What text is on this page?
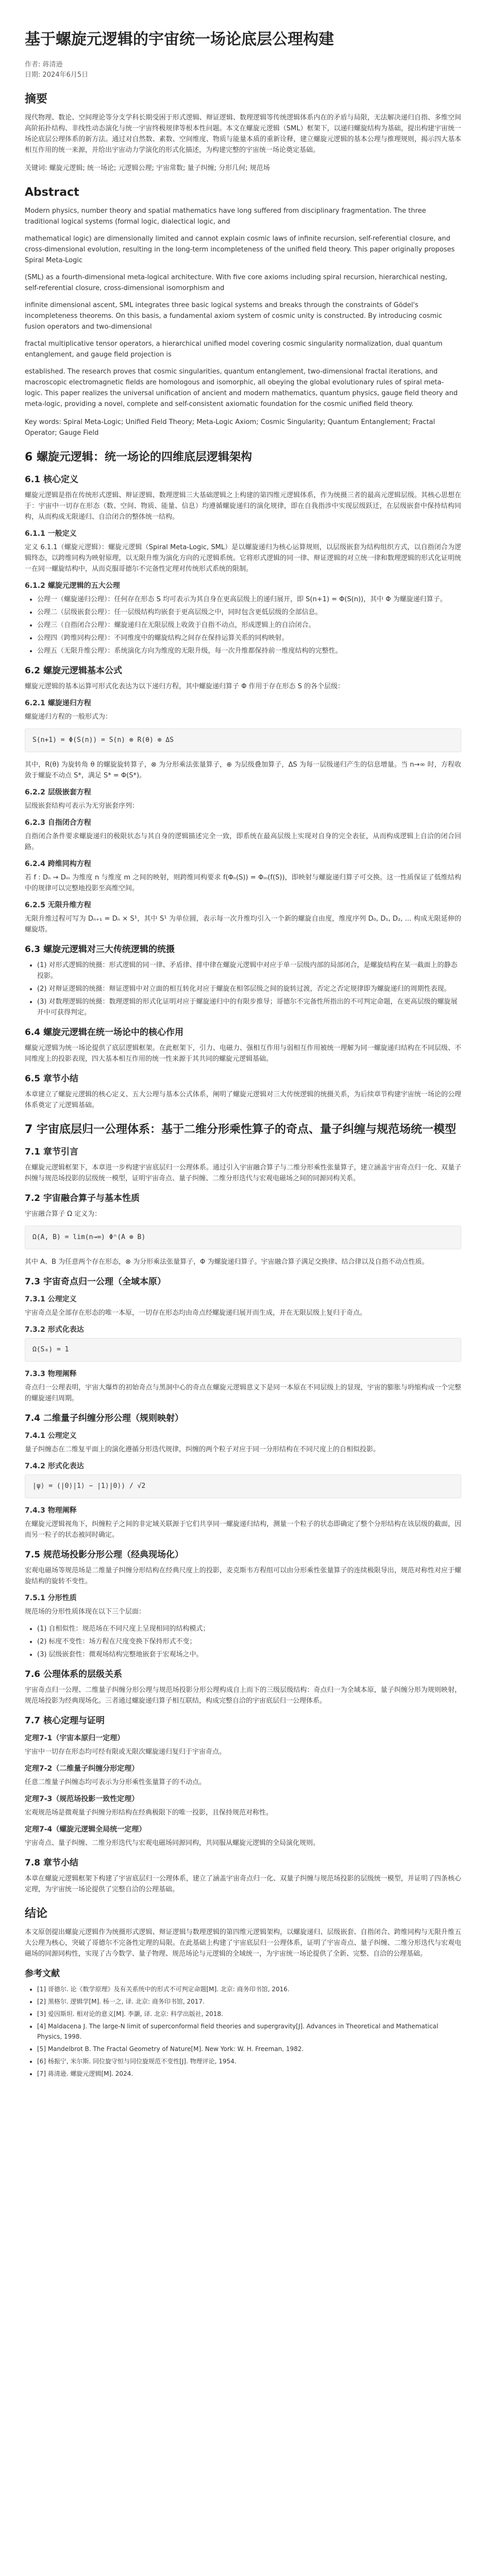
基于螺旋元逻辑的宇宙统一场论底层公理构建
作者: 蒋清逊
日期: 2024年6月5日
摘要

现代物理、数论、空间理论等分支学科长期受困于形式逻辑、辩证逻辑、数理逻辑等传统逻辑体系内在的矛盾与局限，无法解决递归自指、多维空间高阶拓扑结构、非线性动态演化与统一宇宙终极规律等根本性问题。本文在螺旋元逻辑（SML）框架下，以递归螺旋结构为基础，提出构建宇宙统一场论底层公理体系的新方法。通过对自然数、素数、空间维度、物质与能量本质的重新诠释，建立螺旋元逻辑的基本公理与推理规则，揭示四大基本相互作用的统一来源，并给出宇宙动力学演化的形式化描述，为构建完整的宇宙统一场论奠定基础。

关键词: 螺旋元逻辑; 统一场论; 元逻辑公理; 宇宙常数; 量子纠缠; 分形几何; 规范场

Abstract

Modern physics, number theory and spatial mathematics have long suffered from disciplinary fragmentation. The three traditional logical systems (formal logic, dialectical logic, and

mathematical logic) are dimensionally limited and cannot explain cosmic laws of infinite recursion, self-referential closure, and cross-dimensional evolution, resulting in the long-term incompleteness of the unified field theory. This paper originally proposes Spiral Meta-Logic

(SML) as a fourth-dimensional meta-logical architecture. With five core axioms including spiral recursion, hierarchical nesting, self-referential closure, cross-dimensional isomorphism and

infinite dimensional ascent, SML integrates three basic logical systems and breaks through the constraints of Gödel's incompleteness theorems. On this basis, a fundamental axiom system of cosmic unity is constructed. By introducing cosmic fusion operators and two-dimensional

fractal multiplicative tensor operators, a hierarchical unified model covering cosmic singularity normalization, dual quantum entanglement, and gauge field projection is

established. The research proves that cosmic singularities, quantum entanglement, two-dimensional fractal iterations, and macroscopic electromagnetic fields are homologous and isomorphic, all obeying the global evolutionary rules of spiral meta-logic. This paper realizes the universal unification of ancient and modern mathematics, quantum physics, gauge field theory and meta-logic, providing a novel, complete and self-consistent axiomatic foundation for the cosmic unified field theory.

Key words: Spiral Meta-Logic; Unified Field Theory; Meta-Logic Axiom; Cosmic Singularity; Quantum Entanglement; Fractal Operator; Gauge Field

6 螺旋元逻辑：统一场论的四维底层逻辑架构
6.1 核心定义

螺旋元逻辑是指在传统形式逻辑、辩证逻辑、数理逻辑三大基础逻辑之上构建的第四维元逻辑体系，作为统摄三者的最高元逻辑层级。其核心思想在于：宇宙中一切存在形态（数、空间、物质、能量、信息）均遵循螺旋递归的演化规律，即在自我指涉中实现层级跃迁，在层级嵌套中保持结构同构，从而构成无限递归、自洽闭合的整体统一结构。

6.1.1 一般定义

定义 6.1.1（螺旋元逻辑）：螺旋元逻辑（Spiral Meta-Logic, SML）是以螺旋递归为核心运算规则，以层级嵌套为结构组织方式，以自指闭合为逻辑终态，以跨维同构为映射原理，以无限升维为演化方向的元逻辑系统。它将形式逻辑的同一律、辩证逻辑的对立统一律和数理逻辑的形式化证明统一在同一螺旋结构中，从而克服哥德尔不完备性定理对传统形式系统的限制。

6.1.2 螺旋元逻辑的五大公理
• 公理一（螺旋递归公理）：任何存在形态 S 均可表示为其自身在更高层级上的递归展开，即 S(n+1) = Φ(S(n))，其中 Φ 为螺旋递归算子。
• 公理二（层级嵌套公理）：任一层级结构均嵌套于更高层级之中，同时包含更低层级的全部信息。
• 公理三（自指闭合公理）：螺旋递归在无限层级上收敛于自指不动点，形成逻辑上的自洽闭合。
• 公理四（跨维同构公理）：不同维度中的螺旋结构之间存在保持运算关系的同构映射。
• 公理五（无限升维公理）：系统演化方向为维度的无限升级，每一次升维都保持前一维度结构的完整性。
6.2 螺旋元逻辑基本公式

螺旋元逻辑的基本运算可形式化表达为以下递归方程，其中螺旋递归算子 Φ 作用于存在形态 S 的各个层级：

6.2.1 螺旋递归方程

螺旋递归方程的一般形式为：

S(n+1) = Φ(S(n)) = S(n) ⊗ R(θ) ⊕ ΔS

其中，R(θ) 为旋转角 θ 的螺旋旋转算子，⊗ 为分形乘法张量算子，⊕ 为层级叠加算子，ΔS 为每一层级递归产生的信息增量。当 n→∞ 时，方程收敛于螺旋不动点 S*，满足 S* = Φ(S*)。

6.2.2 层级嵌套方程

层级嵌套结构可表示为无穷嵌套序列：

6.2.3 自指闭合方程

自指闭合条件要求螺旋递归的极限状态与其自身的逻辑描述完全一致，即系统在最高层级上实现对自身的完全表征，从而构成逻辑上自洽的闭合回路。

6.2.4 跨维同构方程

若 f : Dₙ → Dₘ 为维度 n 与维度 m 之间的映射，则跨维同构要求 f(Φₙ(S)) = Φₘ(f(S))，即映射与螺旋递归算子可交换。这一性质保证了低维结构中的规律可以完整地投影至高维空间。

6.2.5 无限升维方程

无限升维过程可写为 Dₙ₊₁ = Dₙ × S¹，其中 S¹ 为单位圆，表示每一次升维均引入一个新的螺旋自由度，维度序列 D₀, D₁, D₂, … 构成无限延伸的螺旋塔。

6.3 螺旋元逻辑对三大传统逻辑的统摄
• (1) 对形式逻辑的统摄：形式逻辑的同一律、矛盾律、排中律在螺旋元逻辑中对应于单一层级内部的局部闭合，是螺旋结构在某一截面上的静态投影。
• (2) 对辩证逻辑的统摄：辩证逻辑中对立面的相互转化对应于螺旋在相邻层级之间的旋转过渡，否定之否定规律即为螺旋递归的周期性表现。
• (3) 对数理逻辑的统摄：数理逻辑的形式化证明对应于螺旋递归中的有限步推导；哥德尔不完备性所指出的不可判定命题，在更高层级的螺旋展开中可获得判定。
6.4 螺旋元逻辑在统一场论中的核心作用

螺旋元逻辑为统一场论提供了底层逻辑框架。在此框架下，引力、电磁力、强相互作用与弱相互作用被统一理解为同一螺旋递归结构在不同层级、不同维度上的投影表现，四大基本相互作用的统一性来源于其共同的螺旋元逻辑基础。

6.5 章节小结

本章建立了螺旋元逻辑的核心定义、五大公理与基本公式体系，阐明了螺旋元逻辑对三大传统逻辑的统摄关系，为后续章节构建宇宙统一场论的公理体系奠定了元逻辑基础。

7 宇宙底层归一公理体系：基于二维分形乘性算子的奇点、量子纠缠与规范场统一模型
7.1 章节引言

在螺旋元逻辑框架下，本章进一步构建宇宙底层归一公理体系。通过引入宇宙融合算子与二维分形乘性张量算子，建立涵盖宇宙奇点归一化、双量子纠缠与规范场投影的层级统一模型，证明宇宙奇点、量子纠缠、二维分形迭代与宏观电磁场之间的同源同构关系。

7.2 宇宙融合算子与基本性质

宇宙融合算子 Ω 定义为：

Ω(A, B) = lim(n→∞) Φⁿ(A ⊗ B)

其中 A、B 为任意两个存在形态，⊗ 为分形乘法张量算子，Φ 为螺旋递归算子。宇宙融合算子满足交换律、结合律以及自指不动点性质。

7.3 宇宙奇点归一公理（全域本原）
7.3.1 公理定义

宇宙奇点是全部存在形态的唯一本原，一切存在形态均由奇点经螺旋递归展开而生成，并在无限层级上复归于奇点。

7.3.2 形式化表达
Ω(S₀) = 1
7.3.3 物理阐释

奇点归一公理表明，宇宙大爆炸的初始奇点与黑洞中心的奇点在螺旋元逻辑意义下是同一本原在不同层级上的显现，宇宙的膨胀与坍缩构成一个完整的螺旋递归周期。

7.4 二维量子纠缠分形公理（规则映射）
7.4.1 公理定义

量子纠缠态在二维复平面上的演化遵循分形迭代规律，纠缠的两个粒子对应于同一分形结构在不同尺度上的自相似投影。

7.4.2 形式化表达
|ψ⟩ = (|0⟩|1⟩ − |1⟩|0⟩) / √2
7.4.3 物理阐释

在螺旋元逻辑视角下，纠缠粒子之间的非定域关联源于它们共享同一螺旋递归结构，测量一个粒子的状态即确定了整个分形结构在该层级的截面，因而另一粒子的状态被同时确定。

7.5 规范场投影分形公理（经典现场化）

宏观电磁场等规范场是二维量子纠缠分形结构在经典尺度上的投影，麦克斯韦方程组可以由分形乘性张量算子的连续极限导出，规范对称性对应于螺旋结构的旋转不变性。

7.5.1 分形性质

规范场的分形性质体现在以下三个层面：

• (1) 自相似性：规范场在不同尺度上呈现相同的结构模式；
• (2) 标度不变性：场方程在尺度变换下保持形式不变；
• (3) 层级嵌套性：微观场结构完整地嵌套于宏观场之中。
7.6 公理体系的层级关系

宇宙奇点归一公理、二维量子纠缠分形公理与规范场投影分形公理构成自上而下的三级层级结构：奇点归一为全域本原，量子纠缠分形为规则映射，规范场投影为经典现场化。三者通过螺旋递归算子相互联结，构成完整自洽的宇宙底层归一公理体系。

7.7 核心定理与证明
定理7-1（宇宙本原归一定理）

宇宙中一切存在形态均可经有限或无限次螺旋递归复归于宇宙奇点。

定理7-2（二维量子纠缠分形定理）

任意二维量子纠缠态均可表示为分形乘性张量算子的不动点。

定理7-3（规范场投影一致性定理）

宏观规范场是微观量子纠缠分形结构在经典极限下的唯一投影，且保持规范对称性。

定理7-4（螺旋元逻辑全局统一定理）

宇宙奇点、量子纠缠、二维分形迭代与宏观电磁场同源同构，共同服从螺旋元逻辑的全局演化规则。

7.8 章节小结

本章在螺旋元逻辑框架下构建了宇宙底层归一公理体系，建立了涵盖宇宙奇点归一化、双量子纠缠与规范场投影的层级统一模型，并证明了四条核心定理，为宇宙统一场论提供了完整自洽的公理基础。

结论

本文原创提出螺旋元逻辑作为统摄形式逻辑、辩证逻辑与数理逻辑的第四维元逻辑架构，以螺旋递归、层级嵌套、自指闭合、跨维同构与无限升维五大公理为核心，突破了哥德尔不完备性定理的局限。在此基础上构建了宇宙底层归一公理体系，证明了宇宙奇点、量子纠缠、二维分形迭代与宏观电磁场的同源同构性，实现了古今数学、量子物理、规范场论与元逻辑的全域统一，为宇宙统一场论提供了全新、完整、自洽的公理基础。

参考文献
• [1] 哥德尔. 论《数学原理》及有关系统中的形式不可判定命题[M]. 北京: 商务印书馆, 2016.
• [2] 黑格尔. 逻辑学[M]. 杨一之, 译. 北京: 商务印书馆, 2017.
• [3] 爱因斯坦. 相对论的意义[M]. 李灏, 译. 北京: 科学出版社, 2018.
• [4] Maldacena J. The large-N limit of superconformal field theories and supergravity[J]. Advances in Theoretical and Mathematical Physics, 1998.
• [5] Mandelbrot B. The Fractal Geometry of Nature[M]. New York: W. H. Freeman, 1982.
• [6] 杨振宁, 米尔斯. 同位旋守恒与同位旋规范不变性[J]. 物理评论, 1954.
• [7] 蒋清逊. 螺旋元逻辑[M]. 2024.
